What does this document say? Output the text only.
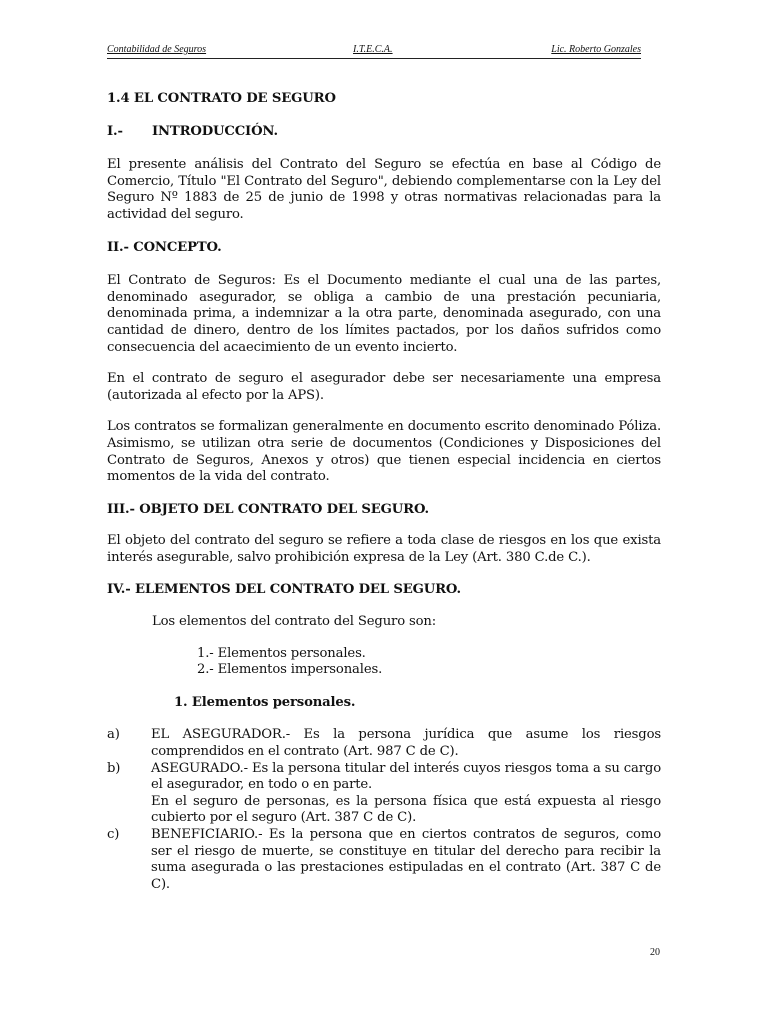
Contabilidad de Seguros	I.T.E.C.A.	Lic. Roberto Gonzales

1.4 EL CONTRATO DE SEGURO

I.- INTRODUCCIÓN.

El presente análisis del Contrato del Seguro se efectúa en base al Código de Comercio, Título "El Contrato del Seguro", debiendo complementarse con la Ley del Seguro Nº 1883 de 25 de junio de 1998 y otras normativas relacionadas para la actividad del seguro.

II.- CONCEPTO.

El Contrato de Seguros: Es el Documento mediante el cual una de las partes, denominado asegurador, se obliga a cambio de una prestación pecuniaria, denominada prima, a indemnizar a la otra parte, denominada asegurado, con una cantidad de dinero, dentro de los límites pactados, por los daños sufridos como consecuencia del acaecimiento de un evento incierto.

En el contrato de seguro el asegurador debe ser necesariamente una empresa (autorizada al efecto por la APS).

Los contratos se formalizan generalmente en documento escrito denominado Póliza. Asimismo, se utilizan otra serie de documentos (Condiciones y Disposiciones del Contrato de Seguros, Anexos y otros) que tienen especial incidencia en ciertos momentos de la vida del contrato.

III.- OBJETO DEL CONTRATO DEL SEGURO.

El objeto del contrato del seguro se refiere a toda clase de riesgos en los que exista interés asegurable, salvo prohibición expresa de la Ley (Art. 380 C.de C.).

IV.- ELEMENTOS DEL CONTRATO DEL SEGURO.

Los elementos del contrato del Seguro son:

1.- Elementos personales.

2.- Elementos impersonales.

1. Elementos personales.

a)	EL ASEGURADOR.- Es la persona jurídica que asume los riesgos comprendidos en el contrato (Art. 987 C de C).
b)	ASEGURADO.- Es la persona titular del interés cuyos riesgos toma a su cargo el asegurador, en todo o en parte.
En el seguro de personas, es la persona física que está expuesta al riesgo cubierto por el seguro (Art. 387 C de C).
c)	BENEFICIARIO.- Es la persona que en ciertos contratos de seguros, como ser el riesgo de muerte, se constituye en titular del derecho para recibir la suma asegurada o las prestaciones estipuladas en el contrato (Art. 387 C de C).
20
